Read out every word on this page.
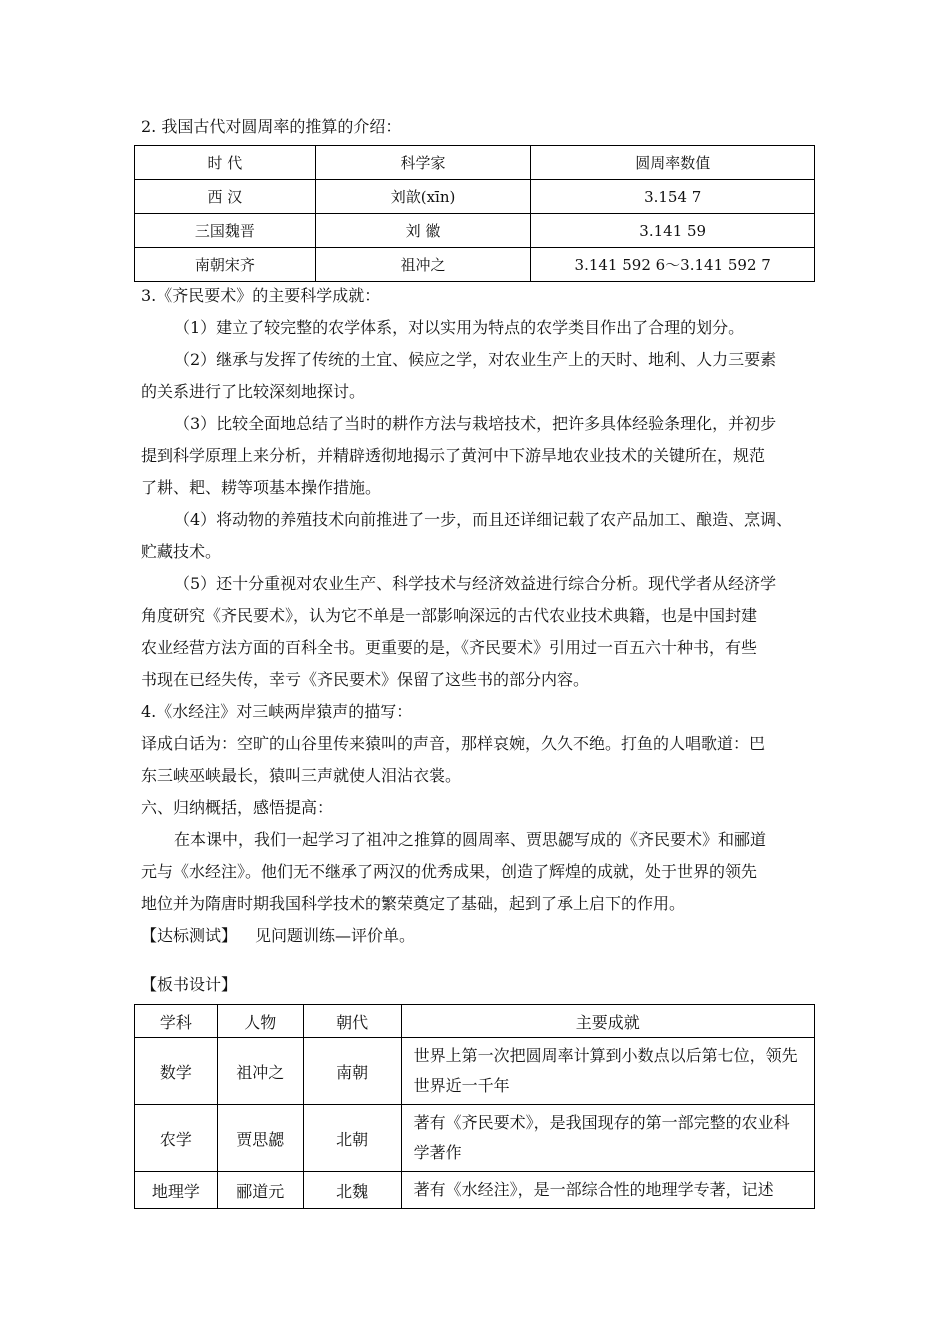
2. 我国古代对圆周率的推算的介绍：
时 代	科学家	圆周率数值
西 汉	刘歆(xīn)	3.154 7
三国魏晋	刘 徽	3.141 59
南朝宋齐	祖冲之	3.141 592 6～3.141 592 7
3.《齐民要术》的主要科学成就：
（1）建立了较完整的农学体系，对以实用为特点的农学类目作出了合理的划分。
（2）继承与发挥了传统的土宜、候应之学，对农业生产上的天时、地利、人力三要素
的关系进行了比较深刻地探讨。
（3）比较全面地总结了当时的耕作方法与栽培技术，把许多具体经验条理化，并初步
提到科学原理上来分析，并精辟透彻地揭示了黄河中下游旱地农业技术的关键所在，规范
了耕、耙、耢等项基本操作措施。
（4）将动物的养殖技术向前推进了一步，而且还详细记载了农产品加工、酿造、烹调、
贮藏技术。
（5）还十分重视对农业生产、科学技术与经济效益进行综合分析。现代学者从经济学
角度研究《齐民要术》，认为它不单是一部影响深远的古代农业技术典籍，也是中国封建
农业经营方法方面的百科全书。更重要的是，《齐民要术》引用过一百五六十种书，有些
书现在已经失传，幸亏《齐民要术》保留了这些书的部分内容。
4.《水经注》对三峡两岸猿声的描写：
译成白话为：空旷的山谷里传来猿叫的声音，那样哀婉，久久不绝。打鱼的人唱歌道：巴
东三峡巫峡最长，猿叫三声就使人泪沾衣裳。
六、归纳概括，感悟提高：
在本课中，我们一起学习了祖冲之推算的圆周率、贾思勰写成的《齐民要术》和郦道
元与《水经注》。他们无不继承了两汉的优秀成果，创造了辉煌的成就，处于世界的领先
地位并为隋唐时期我国科学技术的繁荣奠定了基础，起到了承上启下的作用。
【达标测试】 见问题训练—评价单。
【板书设计】
学科	人物	朝代	主要成就
数学	祖冲之	南朝	世界上第一次把圆周率计算到小数点以后第七位，领先世界近一千年
农学	贾思勰	北朝	著有《齐民要术》，是我国现存的第一部完整的农业科学著作
地理学	郦道元	北魏	著有《水经注》，是一部综合性的地理学专著，记述
